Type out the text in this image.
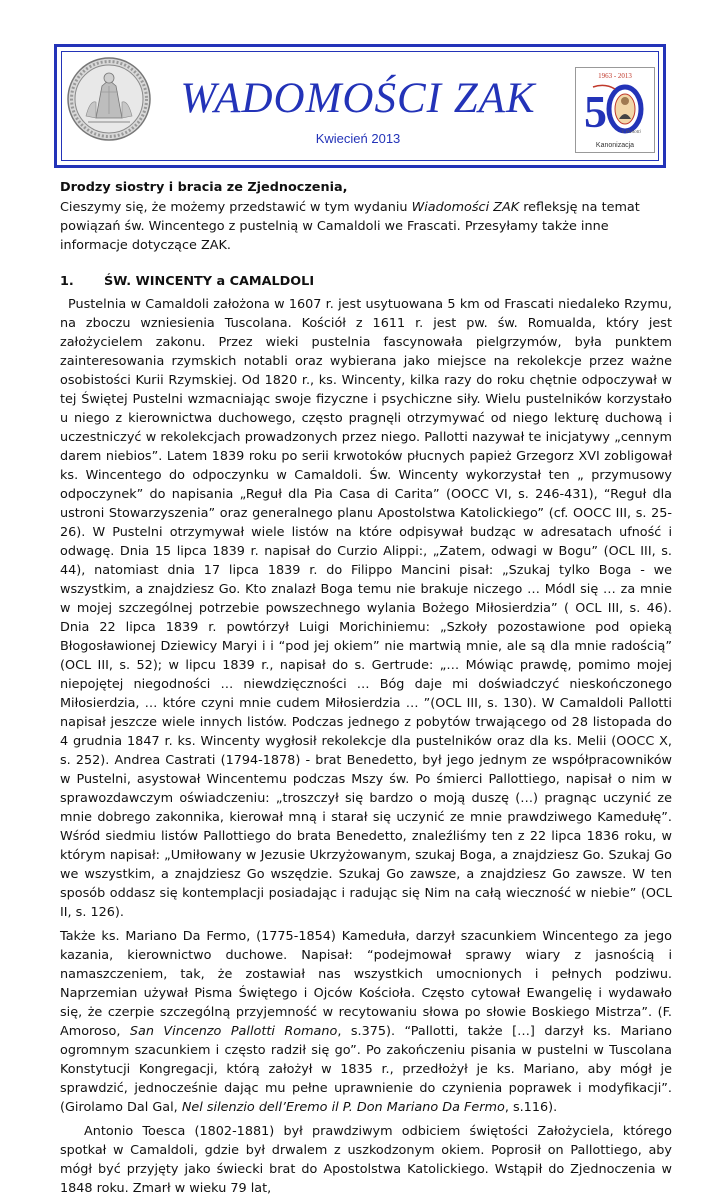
WADOMOŚCI ZAK
Kwiecień 2013
1963 - 2013
5	V. Pallotti
Kanonizacja

Drodzy siostry i bracia ze Zjednoczenia,

Cieszymy się, że możemy przedstawić w tym wydaniu Wiadomości ZAK refleksję na temat powiązań św. Wincentego z pustelnią w Camaldoli we Frascati. Przesyłamy także inne informacje dotyczące ZAK.

1.	ŚW. WINCENTY a CAMALDOLI

Pustelnia w Camaldoli założona w 1607 r. jest usytuowana 5 km od Frascati niedaleko Rzymu, na zboczu wzniesienia Tuscolana. Kościół z 1611 r. jest pw. św. Romualda, który jest założycielem zakonu. Przez wieki pustelnia fascynowała pielgrzymów, była punktem zainteresowania rzymskich notabli oraz wybierana jako miejsce na rekolekcje przez ważne osobistości Kurii Rzymskiej. Od 1820 r., ks. Wincenty, kilka razy do roku chętnie odpoczywał w tej Świętej Pustelni wzmacniając swoje fizyczne i psychiczne siły. Wielu pustelników korzystało u niego z kierownictwa duchowego, często pragnęli otrzymywać od niego lekturę duchową i uczestniczyć w rekolekcjach prowadzonych przez niego. Pallotti nazywał te inicjatywy „cennym darem niebios”. Latem 1839 roku po serii krwotoków płucnych papież Grzegorz XVI zobligował ks. Wincentego do odpoczynku w Camaldoli. Św. Wincenty wykorzystał ten „ przymusowy odpoczynek” do napisania „Reguł dla Pia Casa di Carita” (OOCC VI, s. 246-431), “Reguł dla ustroni Stowarzyszenia” oraz generalnego planu Apostolstwa Katolickiego” (cf. OOCC III, s. 25-26). W Pustelni otrzymywał wiele listów na które odpisywał budząc w adresatach ufność i odwagę. Dnia 15 lipca 1839 r. napisał do Curzio Alippi:, „Zatem, odwagi w Bogu” (OCL III, s. 44), natomiast dnia 17 lipca 1839 r. do Filippo Mancini pisał: „Szukaj tylko Boga - we wszystkim, a znajdziesz Go. Kto znalazł Boga temu nie brakuje niczego … Módl się … za mnie w mojej szczególnej potrzebie powszechnego wylania Bożego Miłosierdzia” ( OCL III, s. 46). Dnia 22 lipca 1839 r. powtórzył Luigi Morichiniemu: „Szkoły pozostawione pod opieką Błogosławionej Dziewicy Maryi i i “pod jej okiem” nie martwią mnie, ale są dla mnie radością” (OCL III, s. 52); w lipcu 1839 r., napisał do s. Gertrude: „… Mówiąc prawdę, pomimo mojej niepojętej niegodności … niewdzięczności … Bóg daje mi doświadczyć nieskończonego Miłosierdzia, … które czyni mnie cudem Miłosierdzia … ”(OCL III, s. 130). W Camaldoli Pallotti napisał jeszcze wiele innych listów. Podczas jednego z pobytów trwającego od 28 listopada do 4 grudnia 1847 r. ks. Wincenty wygłosił rekolekcje dla pustelników oraz dla ks. Melii (OOCC X, s. 252). Andrea Castrati (1794-1878) - brat Benedetto, był jego jednym ze współpracowników w Pustelni, asystował Wincentemu podczas Mszy św. Po śmierci Pallottiego, napisał o nim w sprawozdawczym oświadczeniu: „troszczył się bardzo o moją duszę (…) pragnąc uczynić ze mnie dobrego zakonnika, kierował mną i starał się uczynić ze mnie prawdziwego Kamedułę”. Wśród siedmiu listów Pallottiego do brata Benedetto, znaleźliśmy ten z 22 lipca 1836 roku, w którym napisał: „Umiłowany w Jezusie Ukrzyżowanym, szukaj Boga, a znajdziesz Go. Szukaj Go we wszystkim, a znajdziesz Go wszędzie. Szukaj Go zawsze, a znajdziesz Go zawsze. W ten sposób oddasz się kontemplacji posiadając i radując się Nim na całą wieczność w niebie” (OCL II, s. 126).

Także ks. Mariano Da Fermo, (1775-1854) Kameduła, darzył szacunkiem Wincentego za jego kazania, kierownictwo duchowe. Napisał: “podejmował sprawy wiary z jasnością i namaszczeniem, tak, że zostawiał nas wszystkich umocnionych i pełnych podziwu. Naprzemian używał Pisma Świętego i Ojców Kościoła. Często cytował Ewangelię i wydawało się, że czerpie szczególną przyjemność w recytowaniu słowa po słowie Boskiego Mistrza”. (F. Amoroso, San Vincenzo Pallotti Romano, s.375). “Pallotti, także […] darzył ks. Mariano ogromnym szacunkiem i często radził się go”. Po zakończeniu pisania w pustelni w Tuscolana Konstytucji Kongregacji, którą założył w 1835 r., przedłożył je ks. Mariano, aby mógł je sprawdzić, jednocześnie dając mu pełne uprawnienie do czynienia poprawek i modyfikacji”. (Girolamo Dal Gal, Nel silenzio dell’Eremo il P. Don Mariano Da Fermo, s.116).

Antonio Toesca (1802-1881) był prawdziwym odbiciem świętości Założyciela, którego spotkał w Camaldoli, gdzie był drwalem z uszkodzonym okiem. Poprosił on Pallottiego, aby mógł być przyjęty jako świecki brat do Apostolstwa Katolickiego. Wstąpił do Zjednoczenia w 1848 roku. Zmarł w wieku 79 lat,
